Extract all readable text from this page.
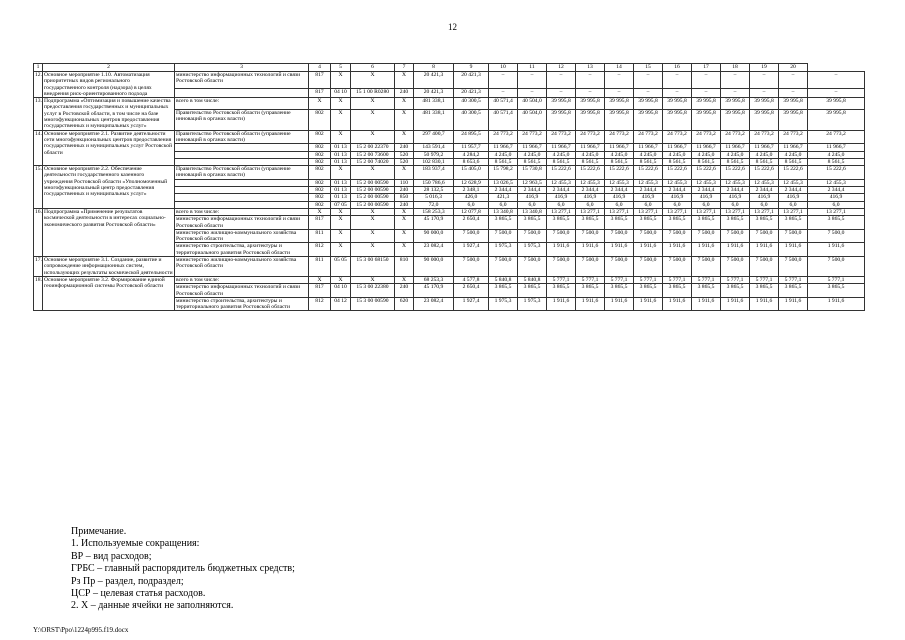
12
1	2	3	4	5	6	7	8	9	10	11	12	13	14	15	16	17	18	19	20	
12.	Основное мероприятие 1.10. Автоматизация приоритетных видов регионального государственного контроля (надзора) в целях внедрения риск-ориентированного подхода	министерство информационных технологий и связи Ростовской области	817	X	X	X	20 421,3	20 421,3	–	–	–	–	–	–	–	–	–	–	–	–
			817	04 10	15 1 00 R0280	240	20 421,3	20 421,3	–	–	–	–	–	–	–	–	–	–	–	–
13.	Подпрограмма «Оптимизация и повышение качества предоставления государственных и муниципальных услуг в Ростовской области, в том числе на базе многофункциональных центров предоставления государственных и муниципальных услуг»	всего в том числе:	X	X	X	X	481 338,1	40 300,5	40 571,4	40 504,0	39 995,8	39 995,8	39 995,8	39 995,8	39 995,8	39 995,8	39 995,8	39 995,8	39 995,8	39 995,8
		Правительство Ростовской области (управление инноваций в органах власти)	802	X	X	X	481 338,1	40 300,5	40 571,4	40 504,0	39 995,8	39 995,8	39 995,8	39 995,8	39 995,8	39 995,8	39 995,8	39 995,8	39 995,8	39 995,8
14.	Основное мероприятие 2.1. Развитие деятельности сети многофункциональных центров предоставления государственных и муниципальных услуг Ростовской области	Правительство Ростовской области (управление инноваций в органах власти)	802	X	X	X	297 400,7	24 895,5	24 773,2	24 773,2	24 773,2	24 773,2	24 773,2	24 773,2	24 773,2	24 773,2	24 773,2	24 773,2	24 773,2	24 773,2
			802	01 13	15 2 00 22370	240	143 591,4	11 957,7	11 966,7	11 966,7	11 966,7	11 966,7	11 966,7	11 966,7	11 966,7	11 966,7	11 966,7	11 966,7	11 966,7	11 966,7
			802	01 13	15 2 00 73600	520	50 979,2	4 284,2	4 245,0	4 245,0	4 245,0	4 245,0	4 245,0	4 245,0	4 245,0	4 245,0	4 245,0	4 245,0	4 245,0	4 245,0
			802	01 13	15 2 00 74020	520	102 830,1	8 653,6	8 561,5	8 561,5	8 561,5	8 561,5	8 561,5	8 561,5	8 561,5	8 561,5	8 561,5	8 561,5	8 561,5	8 561,5
15.	Основное мероприятие 2.2. Обеспечение деятельности государственного казенного учреждения Ростовской области «Уполномоченный многофункциональный центр предоставления государственных и муниципальных услуг»	Правительство Ростовской области (управление инноваций в органах власти)	802	X	X	X	183 937,4	15 405,0	15 798,2	15 730,8	15 222,6	15 222,6	15 222,6	15 222,6	15 222,6	15 222,6	15 222,6	15 222,6	15 222,6	15 222,6
			802	01 13	15 2 00 00590	110	150 786,6	12 628,9	13 026,5	12 963,5	12 455,3	12 455,3	12 455,3	12 455,3	12 455,3	12 455,3	12 455,3	12 455,3	12 455,3	12 455,3
			802	01 13	15 2 00 00590	240	28 132,5	2 348,1	2 344,4	2 344,4	2 344,4	2 344,4	2 344,4	2 344,4	2 344,4	2 344,4	2 344,4	2 344,4	2 344,4	2 344,4
			802	01 13	15 2 00 00590	850	5 016,3	426,0	421,3	416,9	416,9	416,9	416,9	416,9	416,9	416,9	416,9	416,9	416,9	416,9
			802	07 05	15 2 00 00590	240	72,0	6,0	6,0	6,0	6,0	6,0	6,0	6,0	6,0	6,0	6,0	6,0	6,0	6,0
16.	Подпрограмма «Применение результатов космической деятельности в интересах социально-экономического развития Ростовской области»	всего в том числе:	X	X	X	X	158 253,3	12 077,8	13 340,8	13 340,8	13 277,1	13 277,1	13 277,1	13 277,1	13 277,1	13 277,1	13 277,1	13 277,1	13 277,1	13 277,1
		министерство информационных технологий и связи Ростовской области	817	X	X	X	45 170,9	2 650,4	3 865,5	3 865,5	3 865,5	3 865,5	3 865,5	3 865,5	3 865,5	3 865,5	3 865,5	3 865,5	3 865,5	3 865,5
		министерство жилищно-коммунального хозяйства Ростовской области	811	X	X	X	90 000,0	7 500,0	7 500,0	7 500,0	7 500,0	7 500,0	7 500,0	7 500,0	7 500,0	7 500,0	7 500,0	7 500,0	7 500,0	7 500,0
		министерство строительства, архитектуры и территориального развития Ростовской области	812	X	X	X	23 082,4	1 927,4	1 975,3	1 975,3	1 911,6	1 911,6	1 911,6	1 911,6	1 911,6	1 911,6	1 911,6	1 911,6	1 911,6	1 911,6
17.	Основное мероприятие 3.1. Создание, развитие и сопровождение информационных систем, использующих результаты космической деятельности	министерство жилищно-коммунального хозяйства Ростовской области	811	05 05	15 3 00 68150	810	90 000,0	7 500,0	7 500,0	7 500,0	7 500,0	7 500,0	7 500,0	7 500,0	7 500,0	7 500,0	7 500,0	7 500,0	7 500,0	7 500,0
18.	Основное мероприятие 3.2. Формирование единой геоинформационной системы Ростовской области	всего в том числе:	X	X	X	X	68 253,3	4 577,8	5 840,8	5 840,8	5 777,1	5 777,1	5 777,1	5 777,1	5 777,1	5 777,1	5 777,1	5 777,1	5 777,1	5 777,1
		министерство информационных технологий и связи Ростовской области	817	04 10	15 3 00 22380	240	45 170,9	2 650,4	3 865,5	3 865,5	3 865,5	3 865,5	3 865,5	3 865,5	3 865,5	3 865,5	3 865,5	3 865,5	3 865,5	3 865,5
		министерство строительства, архитектуры и территориального развития Ростовской области	812	04 12	15 3 00 00590	620	23 082,4	1 927,4	1 975,3	1 975,3	1 911,6	1 911,6	1 911,6	1 911,6	1 911,6	1 911,6	1 911,6	1 911,6	1 911,6	1 911,6
Примечание.
1. Используемые сокращения:
ВР – вид расходов;
ГРБС – главный распорядитель бюджетных средств;
Рз Пр – раздел, подраздел;
ЦСР – целевая статья расходов.
2. Х – данные ячейки не заполняются.
Y:\ORST\Ppo\1224p995.f19.docx
